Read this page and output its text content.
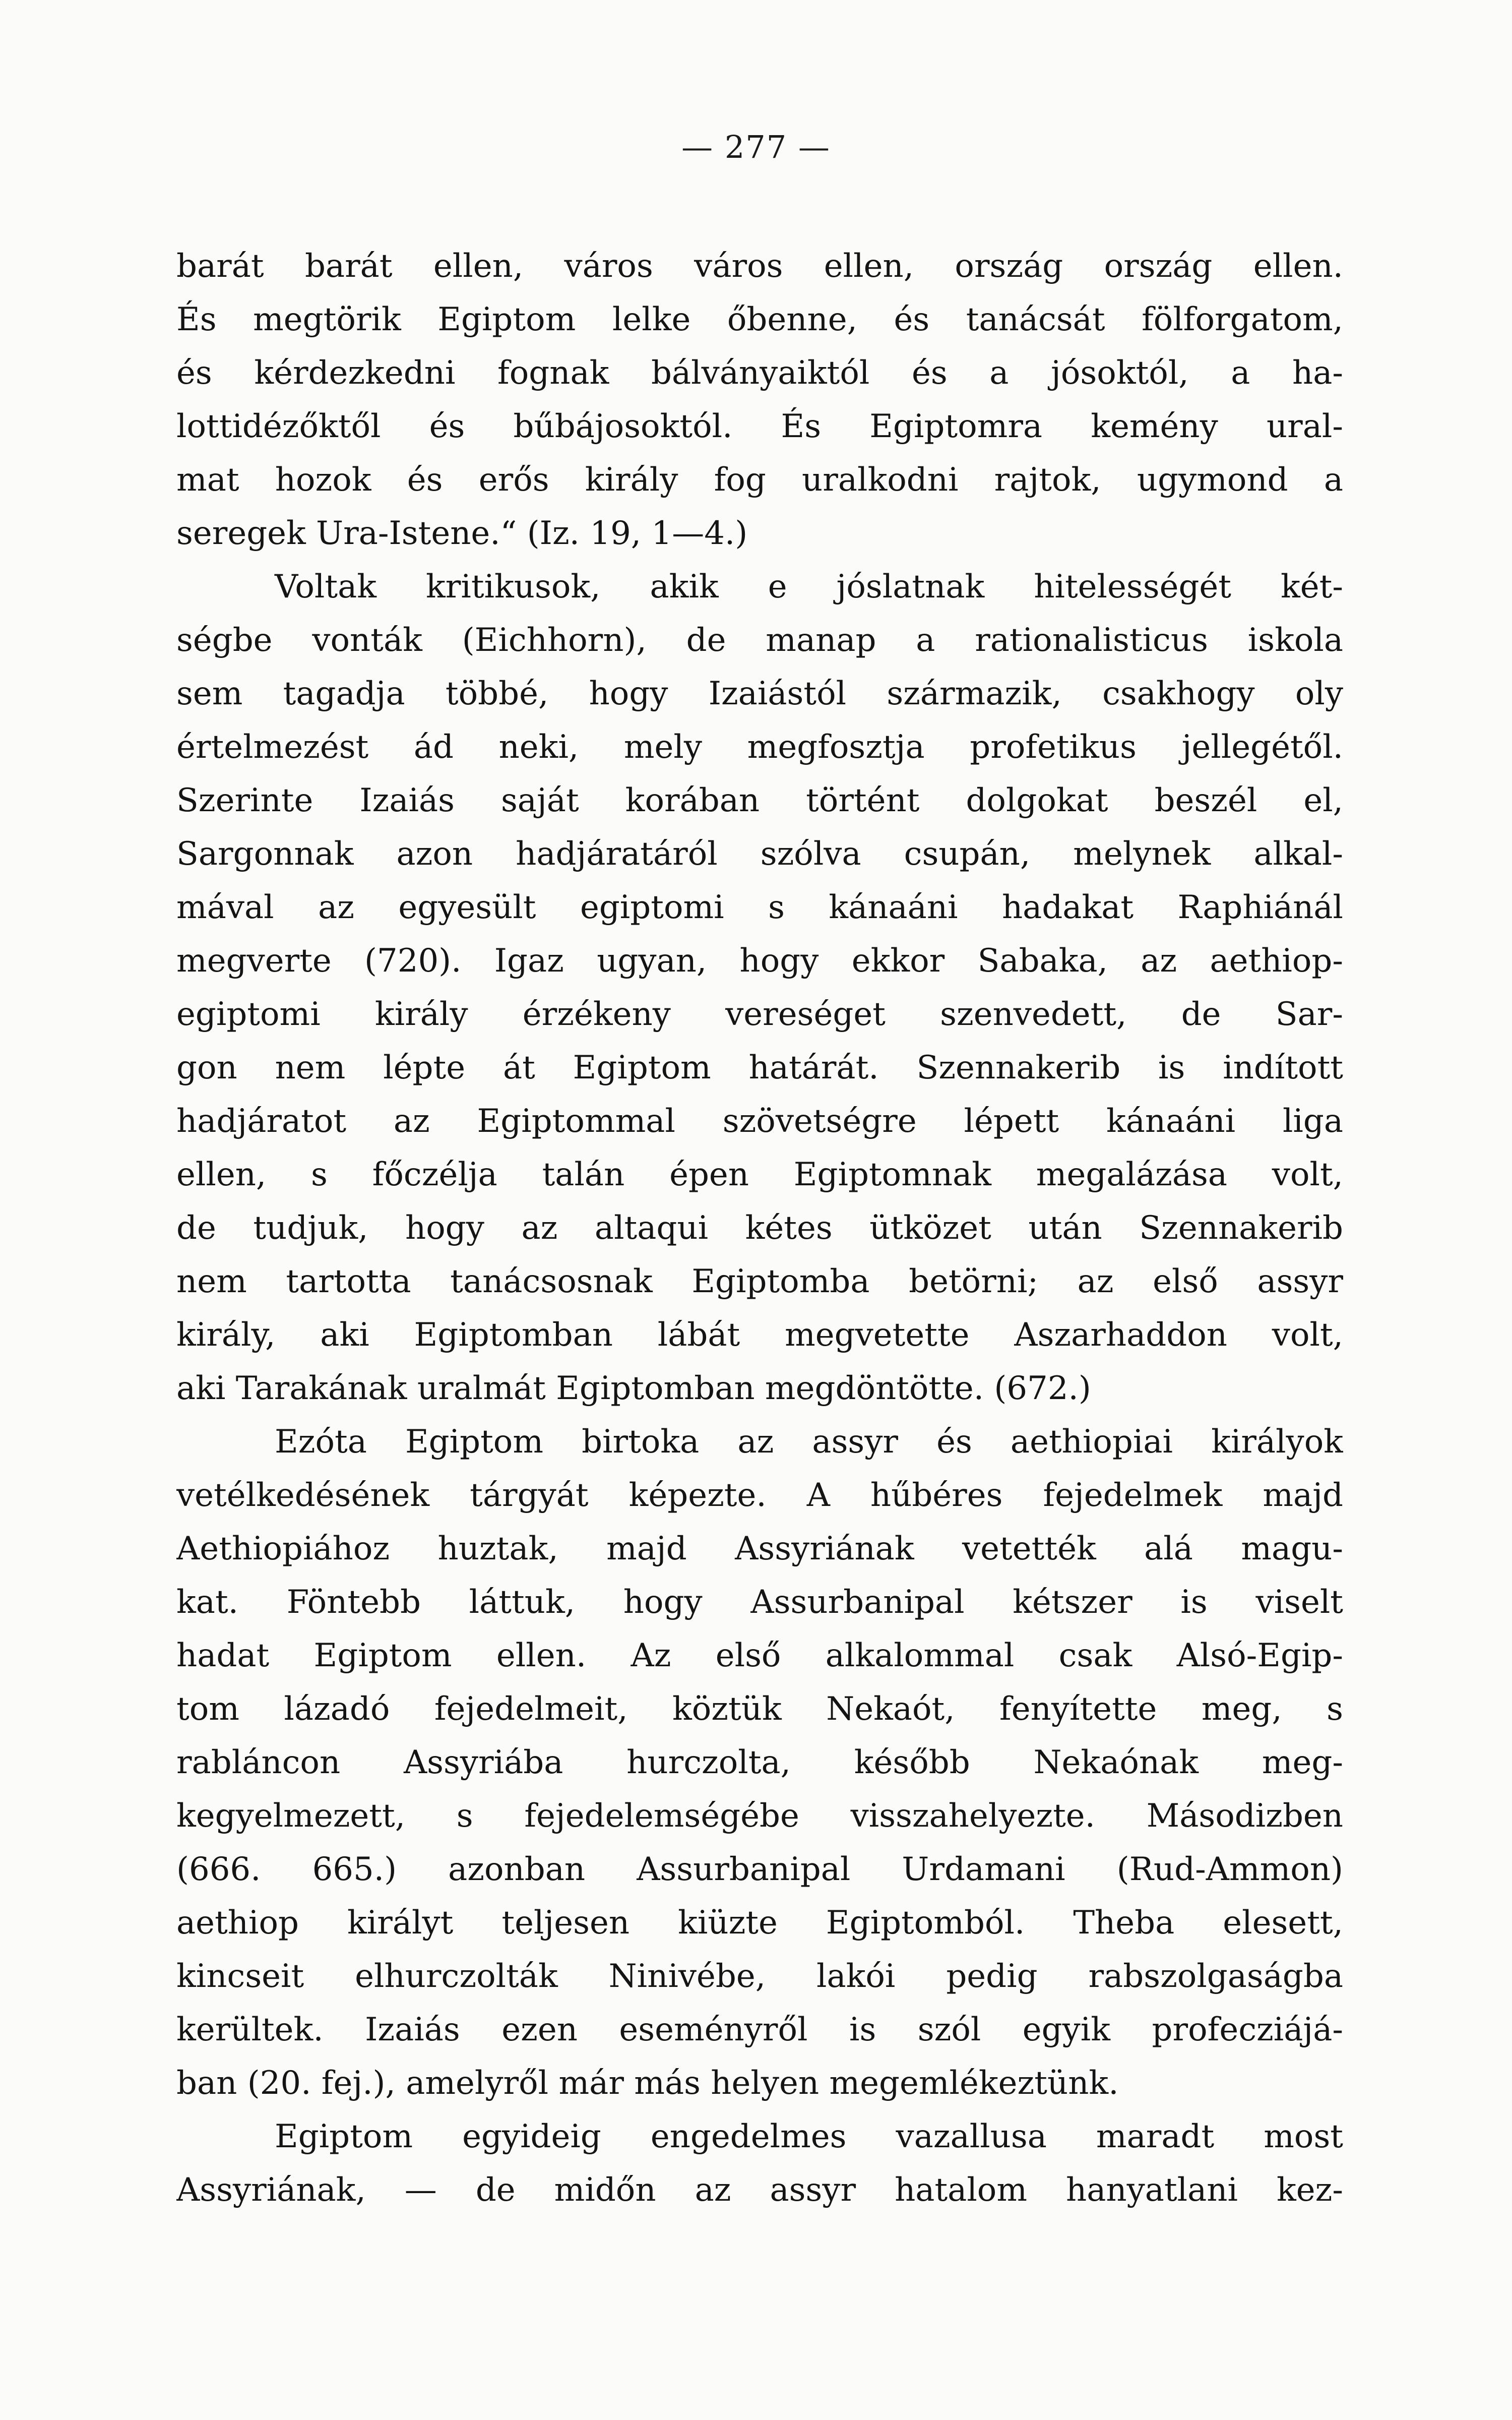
— 277 —
barát barát ellen, város város ellen, ország ország ellen.
És megtörik Egiptom lelke őbenne, és tanácsát fölforgatom,
és kérdezkedni fognak bálványaiktól és a jósoktól, a ha-
lottidézőktől és bűbájosoktól. És Egiptomra kemény ural-
mat hozok és erős király fog uralkodni rajtok, ugymond a
seregek Ura-Istene.“ (Iz. 19, 1—4.)
Voltak kritikusok, akik e jóslatnak hitelességét két-
ségbe vonták (Eichhorn), de manap a rationalisticus iskola
sem tagadja többé, hogy Izaiástól származik, csakhogy oly
értelmezést ád neki, mely megfosztja profetikus jellegétől.
Szerinte Izaiás saját korában történt dolgokat beszél el,
Sargonnak azon hadjáratáról szólva csupán, melynek alkal-
mával az egyesült egiptomi s kánaáni hadakat Raphiánál
megverte (720). Igaz ugyan, hogy ekkor Sabaka, az aethiop-
egiptomi király érzékeny vereséget szenvedett, de Sar-
gon nem lépte át Egiptom határát. Szennakerib is indított
hadjáratot az Egiptommal szövetségre lépett kánaáni liga
ellen, s főczélja talán épen Egiptomnak megalázása volt,
de tudjuk, hogy az altaqui kétes ütközet után Szennakerib
nem tartotta tanácsosnak Egiptomba betörni; az első assyr
király, aki Egiptomban lábát megvetette Aszarhaddon volt,
aki Tarakának uralmát Egiptomban megdöntötte. (672.)
Ezóta Egiptom birtoka az assyr és aethiopiai királyok
vetélkedésének tárgyát képezte. A hűbéres fejedelmek majd
Aethiopiához huztak, majd Assyriának vetették alá magu-
kat. Föntebb láttuk, hogy Assurbanipal kétszer is viselt
hadat Egiptom ellen. Az első alkalommal csak Alsó-Egip-
tom lázadó fejedelmeit, köztük Nekaót, fenyítette meg, s
rabláncon Assyriába hurczolta, később Nekaónak meg-
kegyelmezett, s fejedelemségébe visszahelyezte. Másodizben
(666. 665.) azonban Assurbanipal Urdamani (Rud-Ammon)
aethiop királyt teljesen kiüzte Egiptomból. Theba elesett,
kincseit elhurczolták Ninivébe, lakói pedig rabszolgaságba
kerültek. Izaiás ezen eseményről is szól egyik profecziájá-
ban (20. fej.), amelyről már más helyen megemlékeztünk.
Egiptom egyideig engedelmes vazallusa maradt most
Assyriának, — de midőn az assyr hatalom hanyatlani kez-
